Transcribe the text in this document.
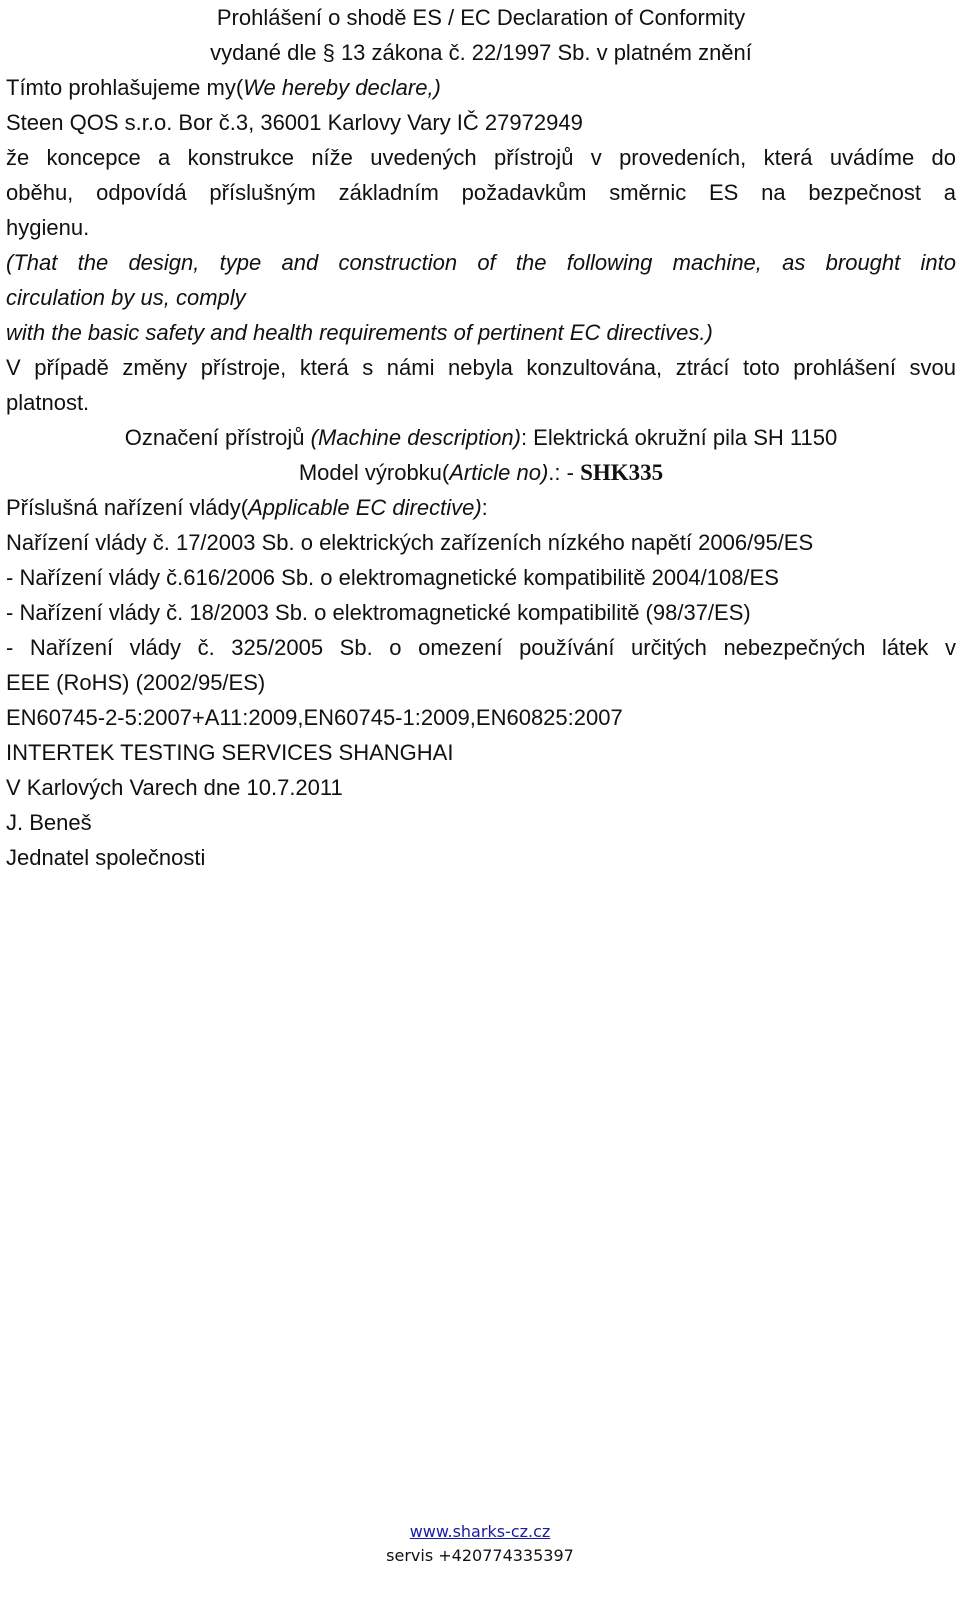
Prohlášení o shodě ES / EC Declaration of Conformity
vydané dle § 13 zákona č. 22/1997 Sb. v platném znění
Tímto prohlašujeme my(We hereby declare,)
Steen QOS s.r.o. Bor č.3, 36001 Karlovy Vary IČ 27972949
že koncepce a konstrukce níže uvedených přístrojů v provedeních, která uvádíme do
oběhu, odpovídá příslušným základním požadavkům směrnic ES na bezpečnost a
hygienu.
(That the design, type and construction of the following machine, as brought into
circulation by us, comply
with the basic safety and health requirements of pertinent EC directives.)
V případě změny přístroje, která s námi nebyla konzultována, ztrácí toto prohlášení svou
platnost.
Označení přístrojů (Machine description): Elektrická okružní pila SH 1150
Model výrobku(Article no).: - SHK335
Příslušná nařízení vlády(Applicable EC directive):
Nařízení vlády č. 17/2003 Sb. o elektrických zařízeních nízkého napětí 2006/95/ES
- Nařízení vlády č.616/2006 Sb. o elektromagnetické kompatibilitě 2004/108/ES
- Nařízení vlády č. 18/2003 Sb. o elektromagnetické kompatibilitě (98/37/ES)
- Nařízení vlády č. 325/2005 Sb. o omezení používání určitých nebezpečných látek v
EEE (RoHS) (2002/95/ES)
EN60745-2-5:2007+A11:2009,EN60745-1:2009,EN60825:2007
INTERTEK TESTING SERVICES SHANGHAI
V Karlových Varech dne 10.7.2011
J. Beneš
Jednatel společnosti
www.sharks-cz.cz
servis +420774335397
